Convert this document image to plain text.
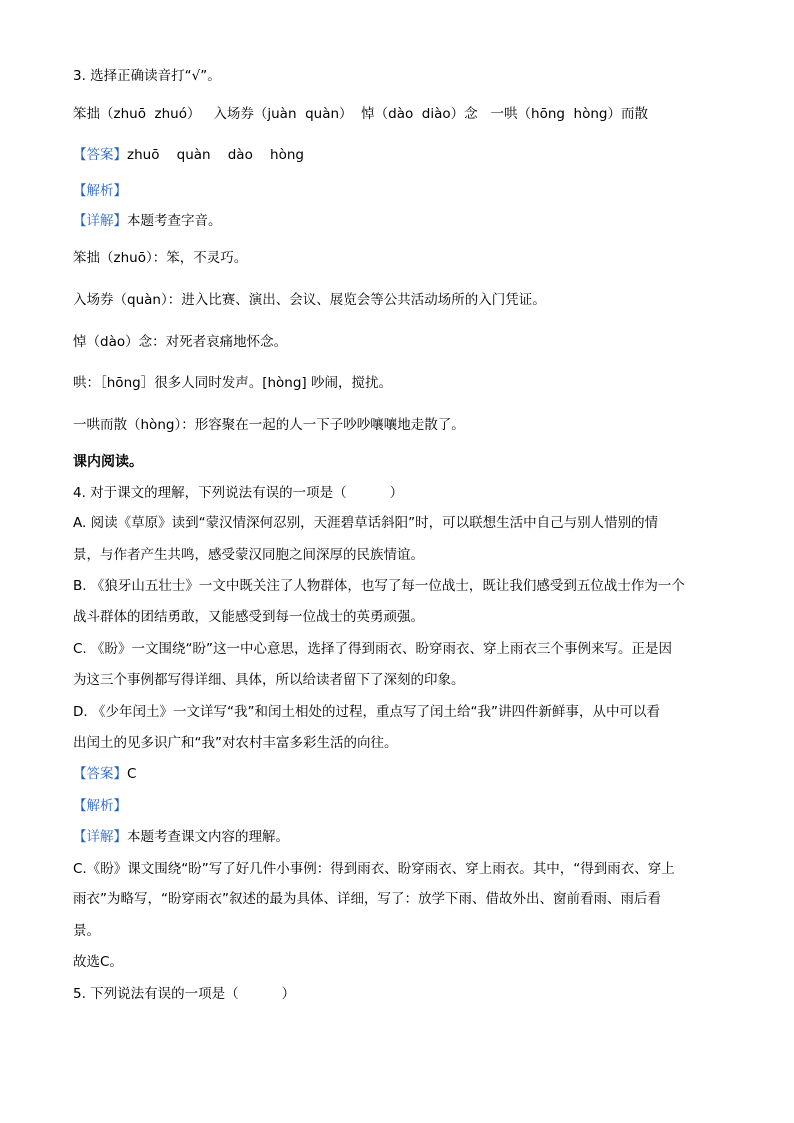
3. 选择正确读音打“√”。
笨拙（zhuō  zhuó）   入场券（juàn  quàn）  悼（dào  diào）念   一哄（hōng  hòng）而散
【答案】zhuō    quàn    dào    hòng
【解析】
【详解】本题考查字音。
笨拙（zhuō）：笨，不灵巧。
入场券（quàn）：进入比赛、演出、会议、展览会等公共活动场所的入门凭证。
悼（dào）念：对死者哀痛地怀念。
哄：［hōng］很多人同时发声。[hòng] 吵闹，搅扰。
一哄而散（hòng）：形容聚在一起的人一下子吵吵嚷嚷地走散了。
课内阅读。
4. 对于课文的理解，下列说法有误的一项是（          ）
A. 阅读《草原》读到“蒙汉情深何忍别，天涯碧草话斜阳”时，可以联想生活中自己与别人惜别的情
景，与作者产生共鸣，感受蒙汉同胞之间深厚的民族情谊。
B. 《狼牙山五壮士》一文中既关注了人物群体，也写了每一位战士，既让我们感受到五位战士作为一个
战斗群体的团结勇敢，又能感受到每一位战士的英勇顽强。
C. 《盼》一文围绕“盼”这一中心意思，选择了得到雨衣、盼穿雨衣、穿上雨衣三个事例来写。正是因
为这三个事例都写得详细、具体，所以给读者留下了深刻的印象。
D. 《少年闰土》一文详写“我”和闰土相处的过程，重点写了闰土给“我”讲四件新鲜事，从中可以看
出闰土的见多识广和“我”对农村丰富多彩生活的向往。
【答案】C
【解析】
【详解】本题考查课文内容的理解。
C.《盼》课文围绕“盼”写了好几件小事例：得到雨衣、盼穿雨衣、穿上雨衣。其中，“得到雨衣、穿上
雨衣”为略写，“盼穿雨衣”叙述的最为具体、详细，写了：放学下雨、借故外出、窗前看雨、雨后看
景。
故选C。
5. 下列说法有误的一项是（          ）
